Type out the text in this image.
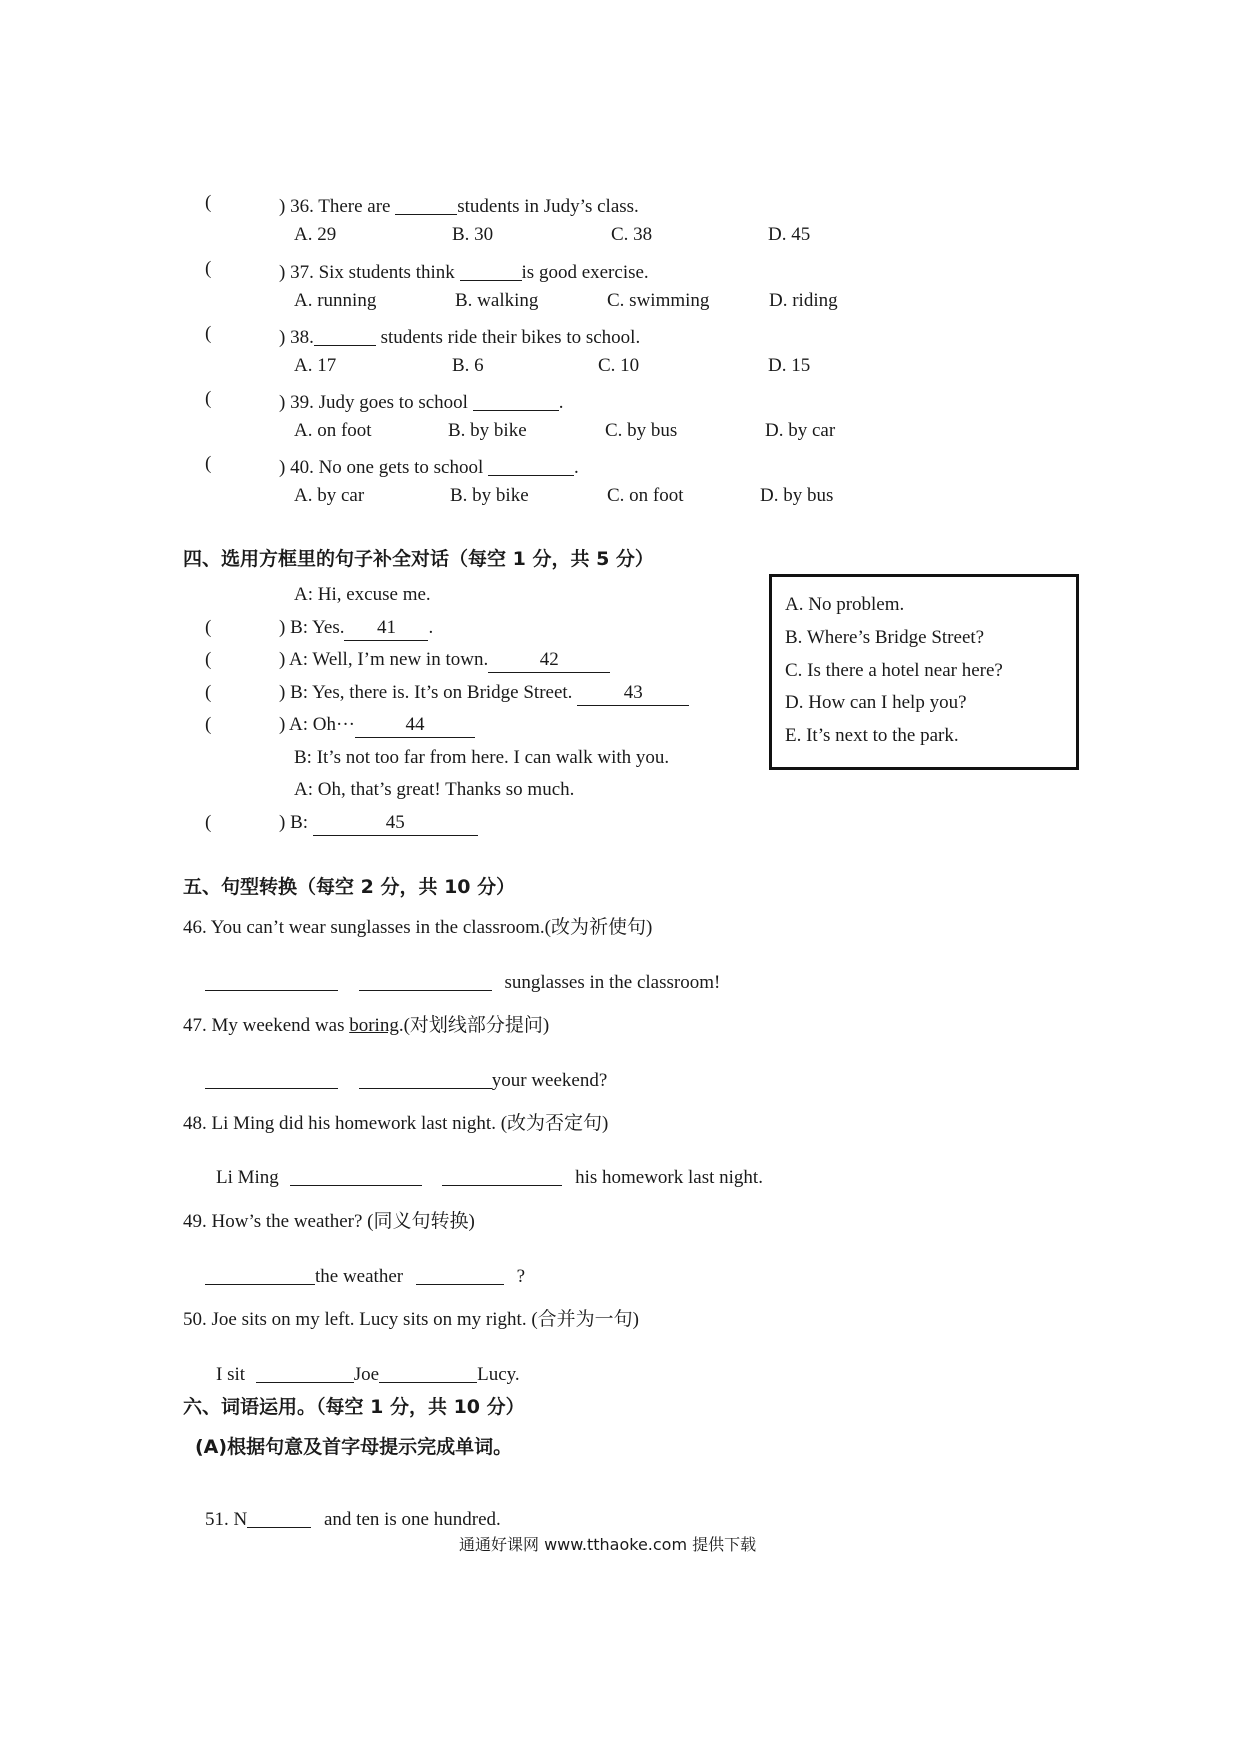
(	) 36. There are	students in Judy’s class.
A. 29	B. 30	C. 38	D. 45
(	) 37. Six students think	is good exercise.
A. running	B. walking	C. swimming	D. riding
(	) 38.	students ride their bikes to school.
A. 17	B. 6	C. 10	D. 15
(	) 39. Judy goes to school	.
A. on foot	B. by bike	C. by bus	D. by car
(	) 40. No one gets to school	.
A. by car	B. by bike	C. on foot	D. by bus
四、选用方框里的句子补全对话（每空 1 分，共 5 分）
A: Hi, excuse me.
(	) B: Yes. 41 .
(	) A: Well, I’m new in town.	42
(	) B: Yes, there is. It’s on Bridge Street.	43
(	) A: Oh···	44
B: It’s not too far from here. I can walk with you.
A: Oh, that’s great! Thanks so much.
(	) B:	45
A. No problem.
B. Where’s Bridge Street?
C. Is there a hotel near here?
D. How can I help you?
E. It’s next to the park.
五、句型转换（每空 2 分，共 10 分）
46. You can’t wear sunglasses in the classroom.(改为祈使句)
sunglasses in the classroom!
47. My weekend was boring.(对划线部分提问)
your weekend?
48. Li Ming did his homework last night. (改为否定句)
Li Ming	his homework last night.
49. How’s the weather? (同义句转换)
the weather	?
50. Joe sits on my left. Lucy sits on my right. (合并为一句)
I sit	Joe	Lucy.
六、词语运用。（每空 1 分，共 10 分）
(A)根据句意及首字母提示完成单词。
51. N	and ten is one hundred.
通通好课网 www.tthaoke.com 提供下载
